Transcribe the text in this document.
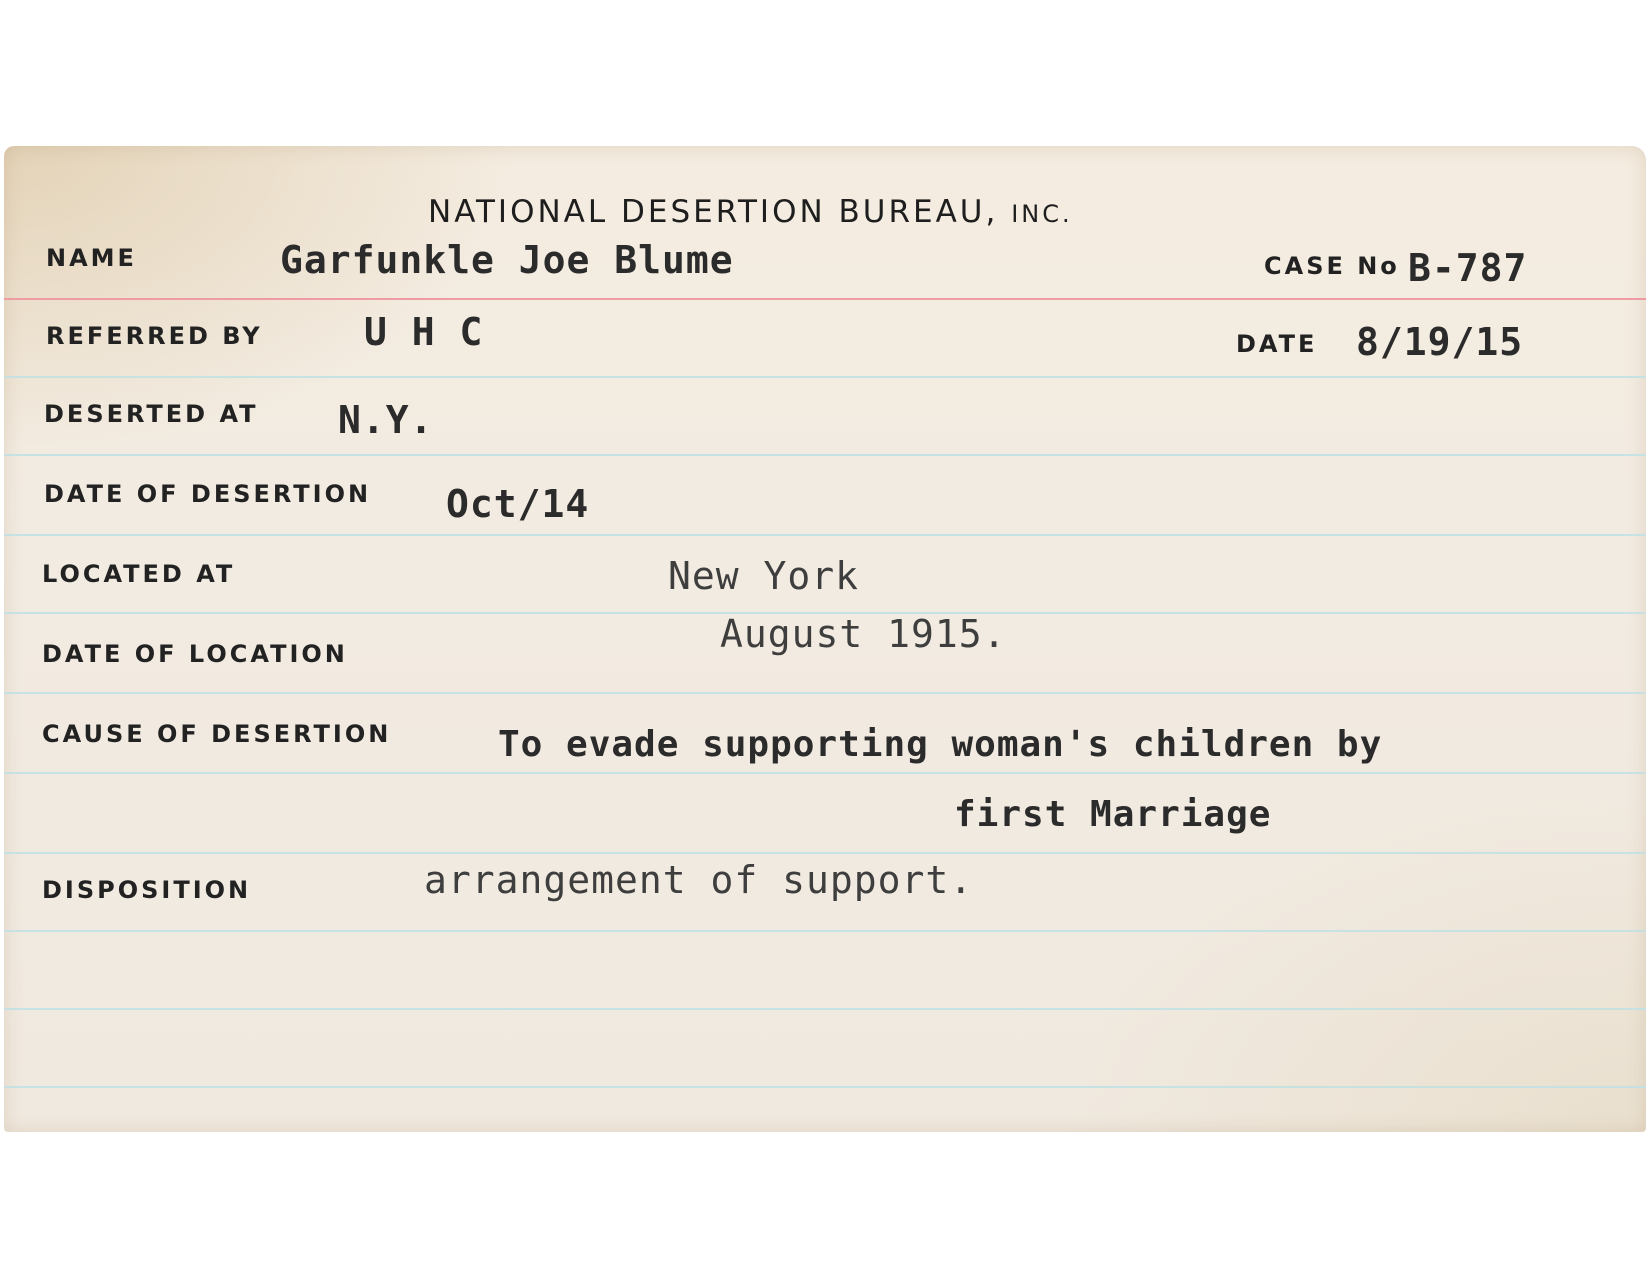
NATIONAL DESERTION BUREAU, INC.
NAME	Garfunkle Joe Blume	CASE No B-787
REFERRED BY	U H C	DATE 8/19/15
DESERTED AT N.Y.
DATE OF DESERTION Oct/14
LOCATED AT	New York
DATE OF LOCATION	August 1915.
CAUSE OF DESERTION	To evade supporting woman's children by
first Marriage
DISPOSITION	arrangement of support.
